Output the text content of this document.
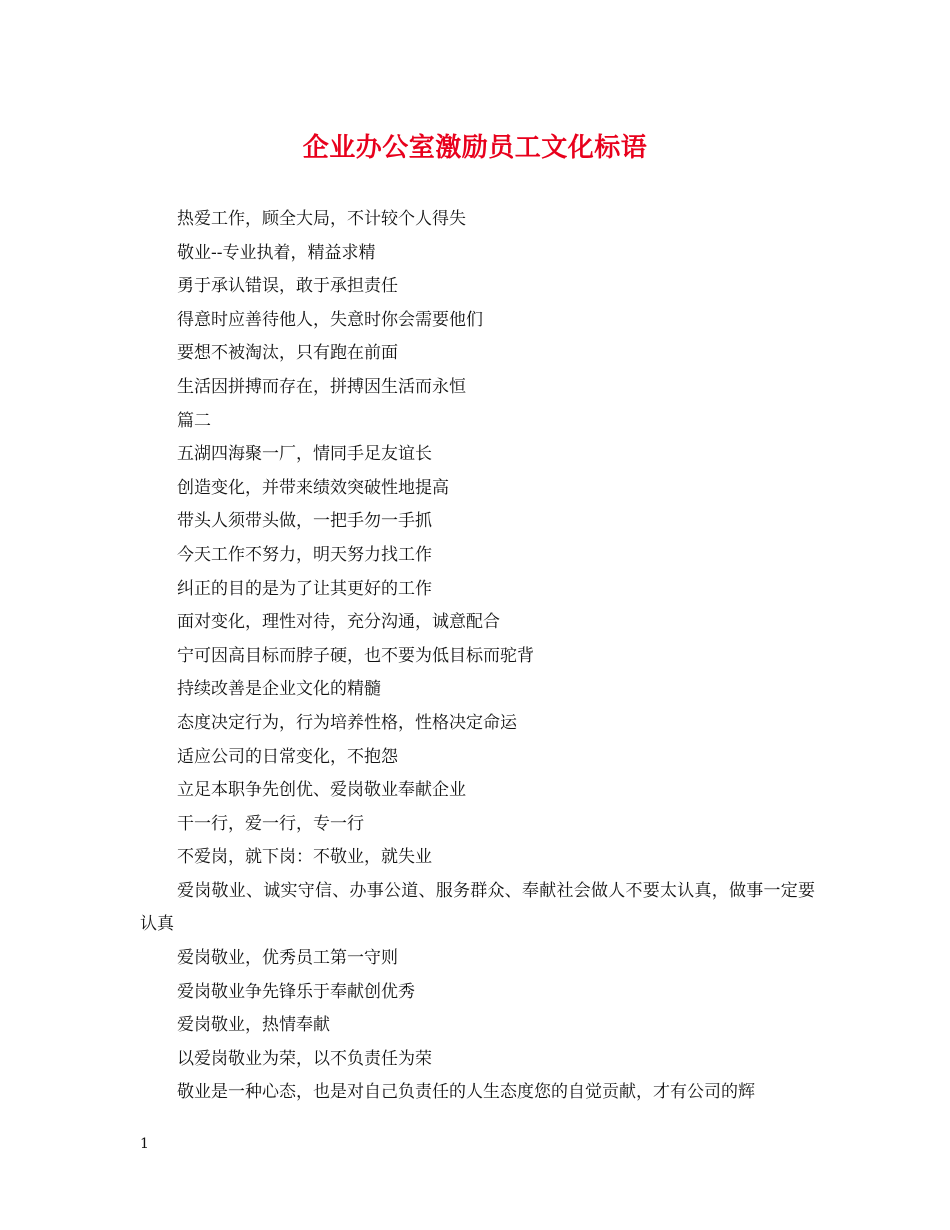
企业办公室激励员工文化标语
热爱工作，顾全大局，不计较个人得失
敬业--专业执着，精益求精
勇于承认错误，敢于承担责任
得意时应善待他人，失意时你会需要他们
要想不被淘汰，只有跑在前面
生活因拼搏而存在，拼搏因生活而永恒
篇二
五湖四海聚一厂，情同手足友谊长
创造变化，并带来绩效突破性地提高
带头人须带头做，一把手勿一手抓
今天工作不努力，明天努力找工作
纠正的目的是为了让其更好的工作
面对变化，理性对待，充分沟通，诚意配合
宁可因高目标而脖子硬，也不要为低目标而驼背
持续改善是企业文化的精髓
态度决定行为，行为培养性格，性格决定命运
适应公司的日常变化，不抱怨
立足本职争先创优、爱岗敬业奉献企业
干一行，爱一行，专一行
不爱岗，就下岗：不敬业，就失业
爱岗敬业、诚实守信、办事公道、服务群众、奉献社会做人不要太认真，做事一定要认真
爱岗敬业，优秀员工第一守则
爱岗敬业争先锋乐于奉献创优秀
爱岗敬业，热情奉献
以爱岗敬业为荣，以不负责任为荣
敬业是一种心态，也是对自己负责任的人生态度您的自觉贡献，才有公司的辉
1
